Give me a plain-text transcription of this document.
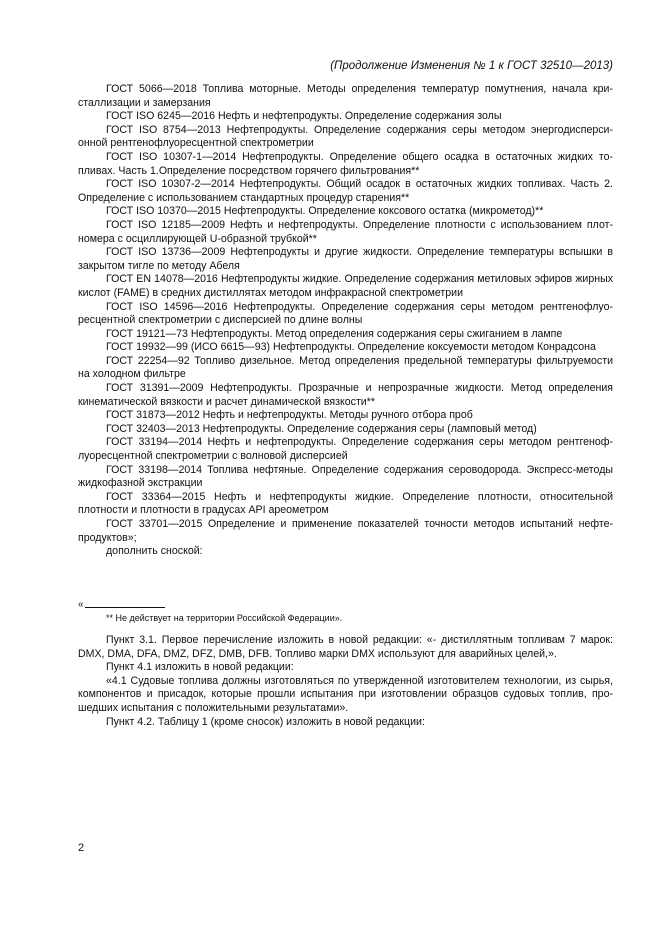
(Продолжение Изменения № 1 к ГОСТ 32510—2013)

ГОСТ 5066—2018 Топлива моторные. Методы определения температур помутнения, начала кристаллизации и замерзания

ГОСТ ISO 6245—2016 Нефть и нефтепродукты. Определение содержания золы

ГОСТ ISO 8754—2013 Нефтепродукты. Определение содержания серы методом энергодисперсионной рентгенофлуоресцентной спектрометрии

ГОСТ ISO 10307-1—2014 Нефтепродукты. Определение общего осадка в остаточных жидких топливах. Часть 1.Определение посредством горячего фильтрования**

ГОСТ ISO 10307-2—2014 Нефтепродукты. Общий осадок в остаточных жидких топливах. Часть 2. Определение с использованием стандартных процедур старения**

ГОСТ ISO 10370—2015 Нефтепродукты. Определение коксового остатка (микрометод)**

ГОСТ ISO 12185—2009 Нефть и нефтепродукты. Определение плотности с использованием плотномера с осциллирующей U-образной трубкой**

ГОСТ ISO 13736—2009 Нефтепродукты и другие жидкости. Определение температуры вспышки в закрытом тигле по методу Абеля

ГОСТ EN 14078—2016 Нефтепродукты жидкие. Определение содержания метиловых эфиров жирных кислот (FAME) в средних дистиллятах методом инфракрасной спектрометрии

ГОСТ ISO 14596—2016 Нефтепродукты. Определение содержания серы методом рентгенофлуоресцентной спектрометрии с дисперсией по длине волны

ГОСТ 19121—73 Нефтепродукты. Метод определения содержания серы сжиганием в лампе

ГОСТ 19932—99 (ИСО 6615—93) Нефтепродукты. Определение коксуемости методом Конрадсона

ГОСТ 22254—92 Топливо дизельное. Метод определения предельной температуры фильтруемости на холодном фильтре

ГОСТ 31391—2009 Нефтепродукты. Прозрачные и непрозрачные жидкости. Метод определения кинематической вязкости и расчет динамической вязкости**

ГОСТ 31873—2012 Нефть и нефтепродукты. Методы ручного отбора проб

ГОСТ 32403—2013 Нефтепродукты. Определение содержания серы (ламповый метод)

ГОСТ 33194—2014 Нефть и нефтепродукты. Определение содержания серы методом рентгенофлуоресцентной спектрометрии с волновой дисперсией

ГОСТ 33198—2014 Топлива нефтяные. Определение содержания сероводорода. Экспресс-методы жидкофазной экстракции

ГОСТ 33364—2015 Нефть и нефтепродукты жидкие. Определение плотности, относительной плотности и плотности в градусах API ареометром

ГОСТ 33701—2015 Определение и применение показателей точности методов испытаний нефтепродуктов»;

дополнить сноской:

«
** Не действует на территории Российской Федерации».

Пункт 3.1. Первое перечисление изложить в новой редакции: «- дистиллятным топливам 7 марок: DMX, DMA, DFA, DMZ, DFZ, DMB, DFB. Топливо марки DMX используют для аварийных целей,».

Пункт 4.1 изложить в новой редакции:

«4.1 Судовые топлива должны изготовляться по утвержденной изготовителем технологии, из сырья, компонентов и присадок, которые прошли испытания при изготовлении образцов судовых топлив, прошедших испытания с положительными результатами».

Пункт 4.2. Таблицу 1 (кроме сносок) изложить в новой редакции:

2
